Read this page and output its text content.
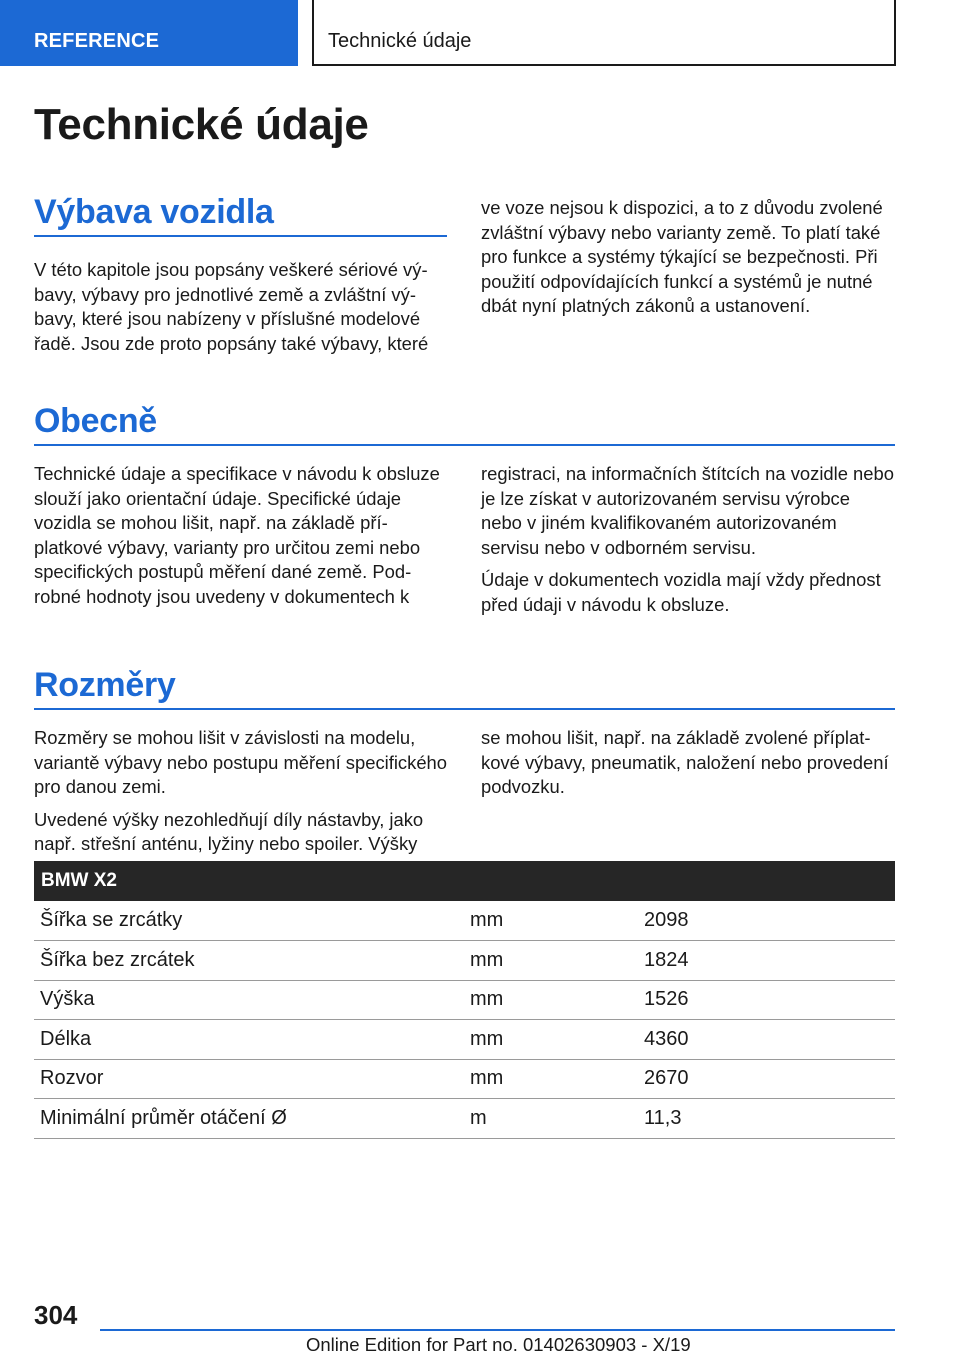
REFERENCE	Technické údaje
Technické údaje
Výbava vozidla

V této kapitole jsou popsány veškeré sériové výbavy, výbavy pro jednotlivé země a zvláštní výbavy, které jsou nabízeny v příslušné modelové řadě. Jsou zde proto popsány také výbavy, které

ve voze nejsou k dispozici, a to z důvodu zvolené zvláštní výbavy nebo varianty země. To platí také pro funkce a systémy týkající se bezpečnosti. Při použití odpovídajících funkcí a systémů je nutné dbát nyní platných zákonů a ustanovení.

Obecně

Technické údaje a specifikace v návodu k obsluze slouží jako orientační údaje. Specifické údaje vozidla se mohou lišit, např. na základě příplatkové výbavy, varianty pro určitou zemi nebo specifických postupů měření dané země. Podrobné hodnoty jsou uvedeny v dokumentech k

registraci, na informačních štítcích na vozidle nebo je lze získat v autorizovaném servisu výrobce nebo v jiném kvalifikovaném autorizovaném servisu nebo v odborném servisu.

Údaje v dokumentech vozidla mají vždy přednost před údaji v návodu k obsluze.

Rozměry

Rozměry se mohou lišit v závislosti na modelu, variantě výbavy nebo postupu měření specifického pro danou zemi.

Uvedené výšky nezohledňují díly nástavby, jako např. střešní anténu, lyžiny nebo spoiler. Výšky

se mohou lišit, např. na základě zvolené příplatkové výbavy, pneumatik, naložení nebo provedení podvozku.

BMW X2		
Šířka se zrcátky	mm	2098
Šířka bez zrcátek	mm	1824
Výška	mm	1526
Délka	mm	4360
Rozvor	mm	2670
Minimální průměr otáčení Ø	m	11,3
304
Online Edition for Part no. 01402630903 - X/19
